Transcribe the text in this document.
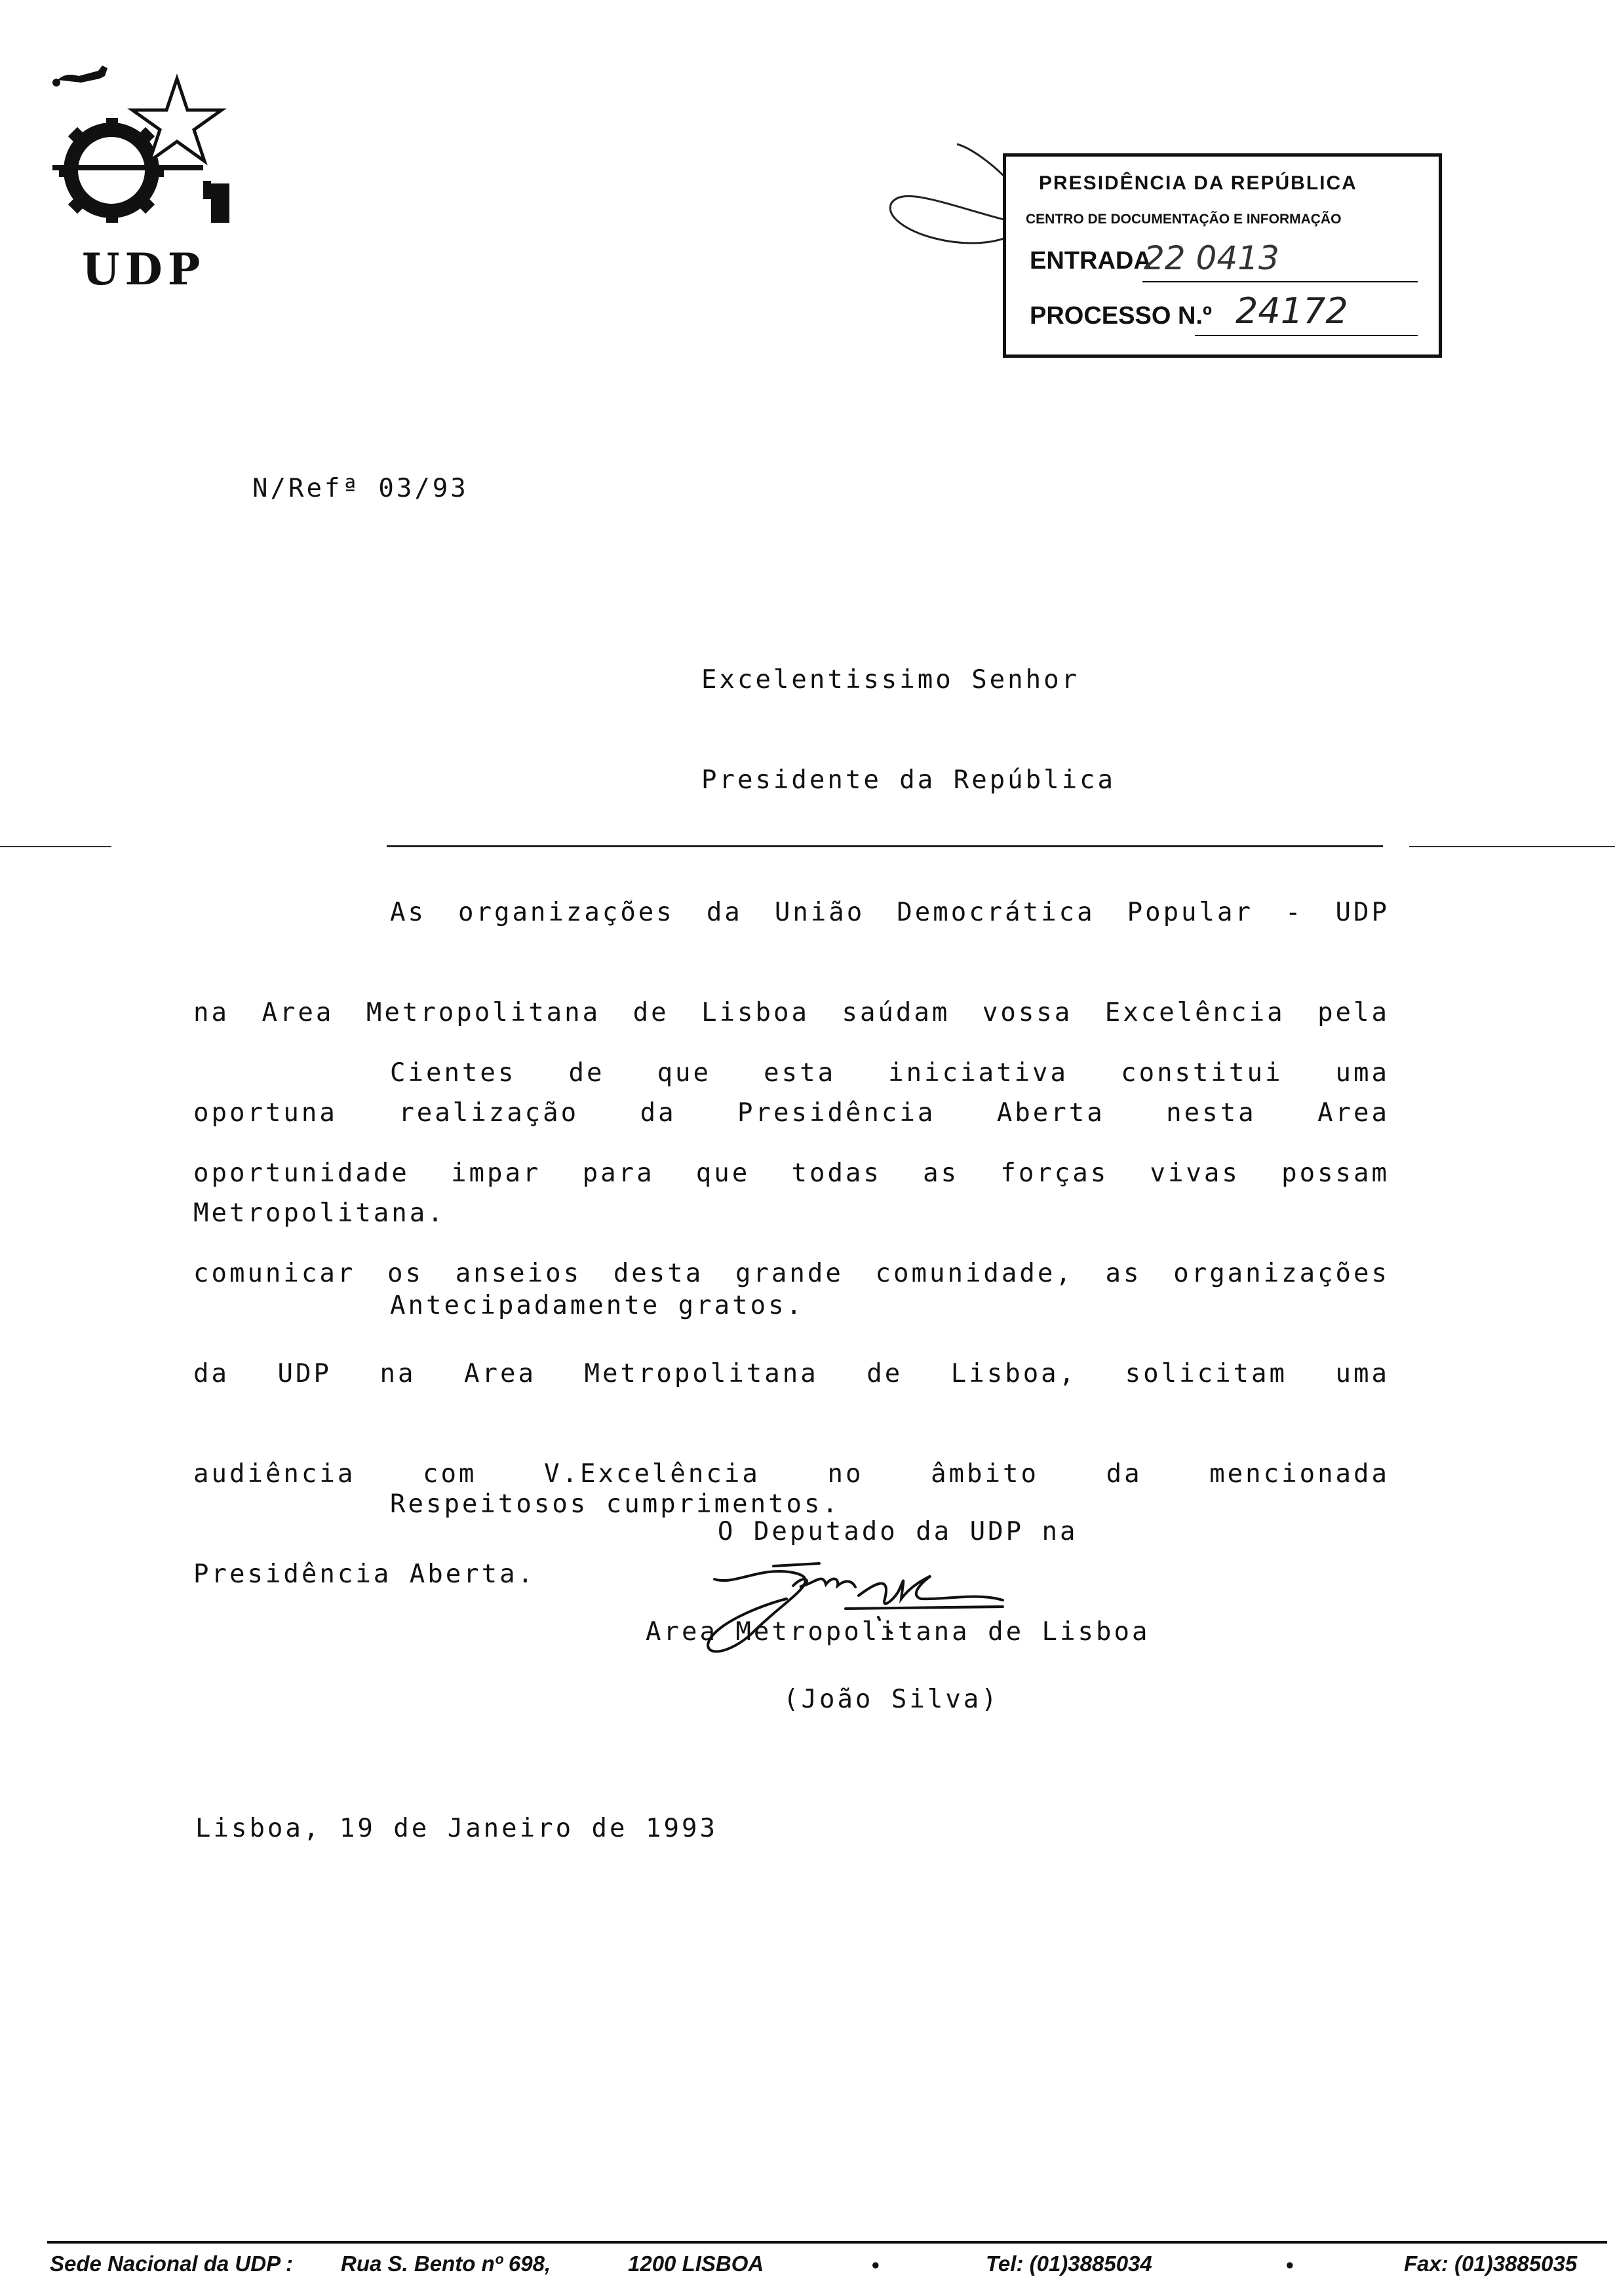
UDP
PRESIDÊNCIA DA REPÚBLICA
CENTRO DE DOCUMENTAÇÃO E INFORMAÇÃO
ENTRADA
22 0413
PROCESSO N.º 24172
N/Refª 03/93

Excelentissimo Senhor

Presidente da República

As organizações da União Democrática Popular - UDP

na Area Metropolitana de Lisboa saúdam vossa Excelência pela

oportuna realização da Presidência Aberta nesta Area

Metropolitana.

Cientes de que esta iniciativa constitui uma

oportunidade impar para que todas as forças vivas possam

comunicar os anseios desta grande comunidade, as organizações

da UDP na Area Metropolitana de Lisboa, solicitam uma

audiência com V.Excelência no âmbito da mencionada

Presidência Aberta.

Antecipadamente gratos.

Respeitosos cumprimentos.

O Deputado da UDP na

Area Metropolitana de Lisboa

(João Silva)
Lisboa, 19 de Janeiro de 1993
Sede Nacional da UDP : Rua S. Bento nº 698,	1200 LISBOA	•	Tel: (01)3885034	•	Fax: (01)3885035
